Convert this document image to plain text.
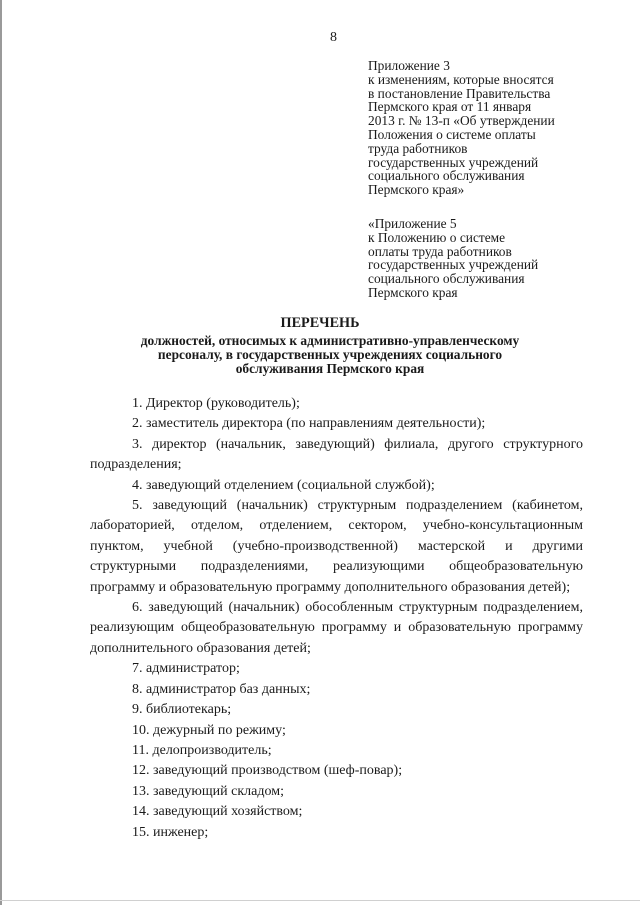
8
Приложение 3
к изменениям, которые вносятся
в постановление Правительства
Пермского края от 11 января
2013 г. № 13-п «Об утверждении
Положения о системе оплаты
труда работников
государственных учреждений
социального обслуживания
Пермского края»
«Приложение 5
к Положению о системе
оплаты труда работников
государственных учреждений
социального обслуживания
Пермского края
ПЕРЕЧЕНЬ
должностей, относимых к административно-управленческому
персоналу, в государственных учреждениях социального
обслуживания Пермского края

1. Директор (руководитель);

2. заместитель директора (по направлениям деятельности);

3. директор (начальник, заведующий) филиала, другого структурного подразделения;

4. заведующий отделением (социальной службой);

5. заведующий (начальник) структурным подразделением (кабинетом, лабораторией, отделом, отделением, сектором, учебно-консультационным пунктом, учебной (учебно-производственной) мастерской и другими структурными подразделениями, реализующими общеобразовательную программу и образовательную программу дополнительного образования детей);

6. заведующий (начальник) обособленным структурным подразделением, реализующим общеобразовательную программу и образовательную программу дополнительного образования детей;

7. администратор;

8. администратор баз данных;

9. библиотекарь;

10. дежурный по режиму;

11. делопроизводитель;

12. заведующий производством (шеф-повар);

13. заведующий складом;

14. заведующий хозяйством;

15. инженер;
